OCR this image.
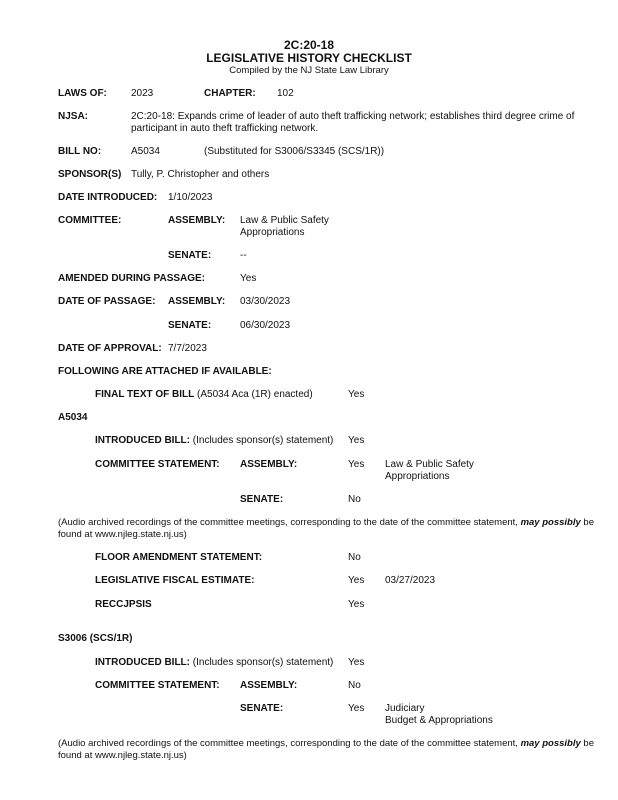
2C:20-18
LEGISLATIVE HISTORY CHECKLIST
Compiled by the NJ State Law Library
LAWS OF: 2023	CHAPTER: 102
NJSA:	2C:20-18: Expands crime of leader of auto theft trafficking network; establishes third degree crime of participant in auto theft trafficking network.
BILL NO:	A5034	(Substituted for S3006/S3345 (SCS/1R))
SPONSOR(S) Tully, P. Christopher and others
DATE INTRODUCED: 1/10/2023
COMMITTEE:	ASSEMBLY: Law & Public Safety
Appropriations
SENATE:	--
AMENDED DURING PASSAGE:	Yes
DATE OF PASSAGE: ASSEMBLY: 03/30/2023
SENATE:	06/30/2023
DATE OF APPROVAL: 7/7/2023
FOLLOWING ARE ATTACHED IF AVAILABLE:
FINAL TEXT OF BILL (A5034 Aca (1R) enacted)	Yes
A5034
INTRODUCED BILL: (Includes sponsor(s) statement) Yes
COMMITTEE STATEMENT: ASSEMBLY:	Yes Law & Public Safety
Appropriations
SENATE:	No
(Audio archived recordings of the committee meetings, corresponding to the date of the committee statement, may possibly be found at www.njleg.state.nj.us)
FLOOR AMENDMENT STATEMENT:	No
LEGISLATIVE FISCAL ESTIMATE:	Yes 03/27/2023
RECCJPSIS	Yes
S3006 (SCS/1R)
INTRODUCED BILL: (Includes sponsor(s) statement) Yes
COMMITTEE STATEMENT: ASSEMBLY:	No
SENATE:	Yes Judiciary
Budget & Appropriations
(Audio archived recordings of the committee meetings, corresponding to the date of the committee statement, may possibly be found at www.njleg.state.nj.us)
